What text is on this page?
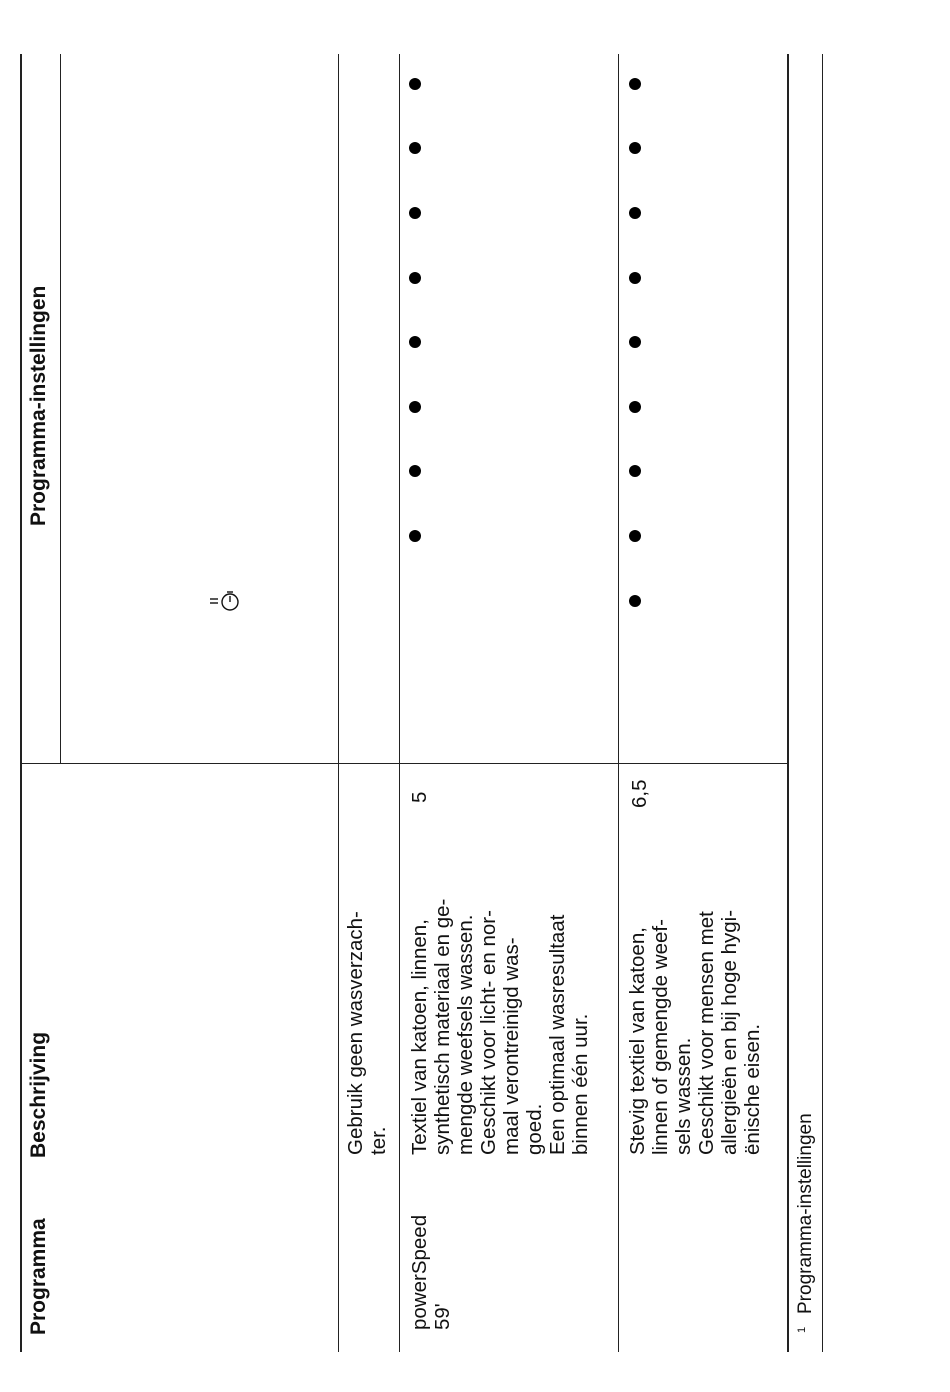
Programma
Beschrijving
Programma-instellingen
Gebruik geen wasverzach-
ter.
powerSpeed
59'
Textiel van katoen, linnen,
synthetisch materiaal en ge-
mengde weefsels wassen.
Geschikt voor licht- en nor-
maal verontreinigd was-
goed.
Een optimaal wasresultaat
binnen één uur.
5
Stevig textiel van katoen,
linnen of gemengde weef-
sels wassen.
Geschikt voor mensen met
allergieën en bij hoge hygi-
ënische eisen.
6,5
1
Programma-instellingen
